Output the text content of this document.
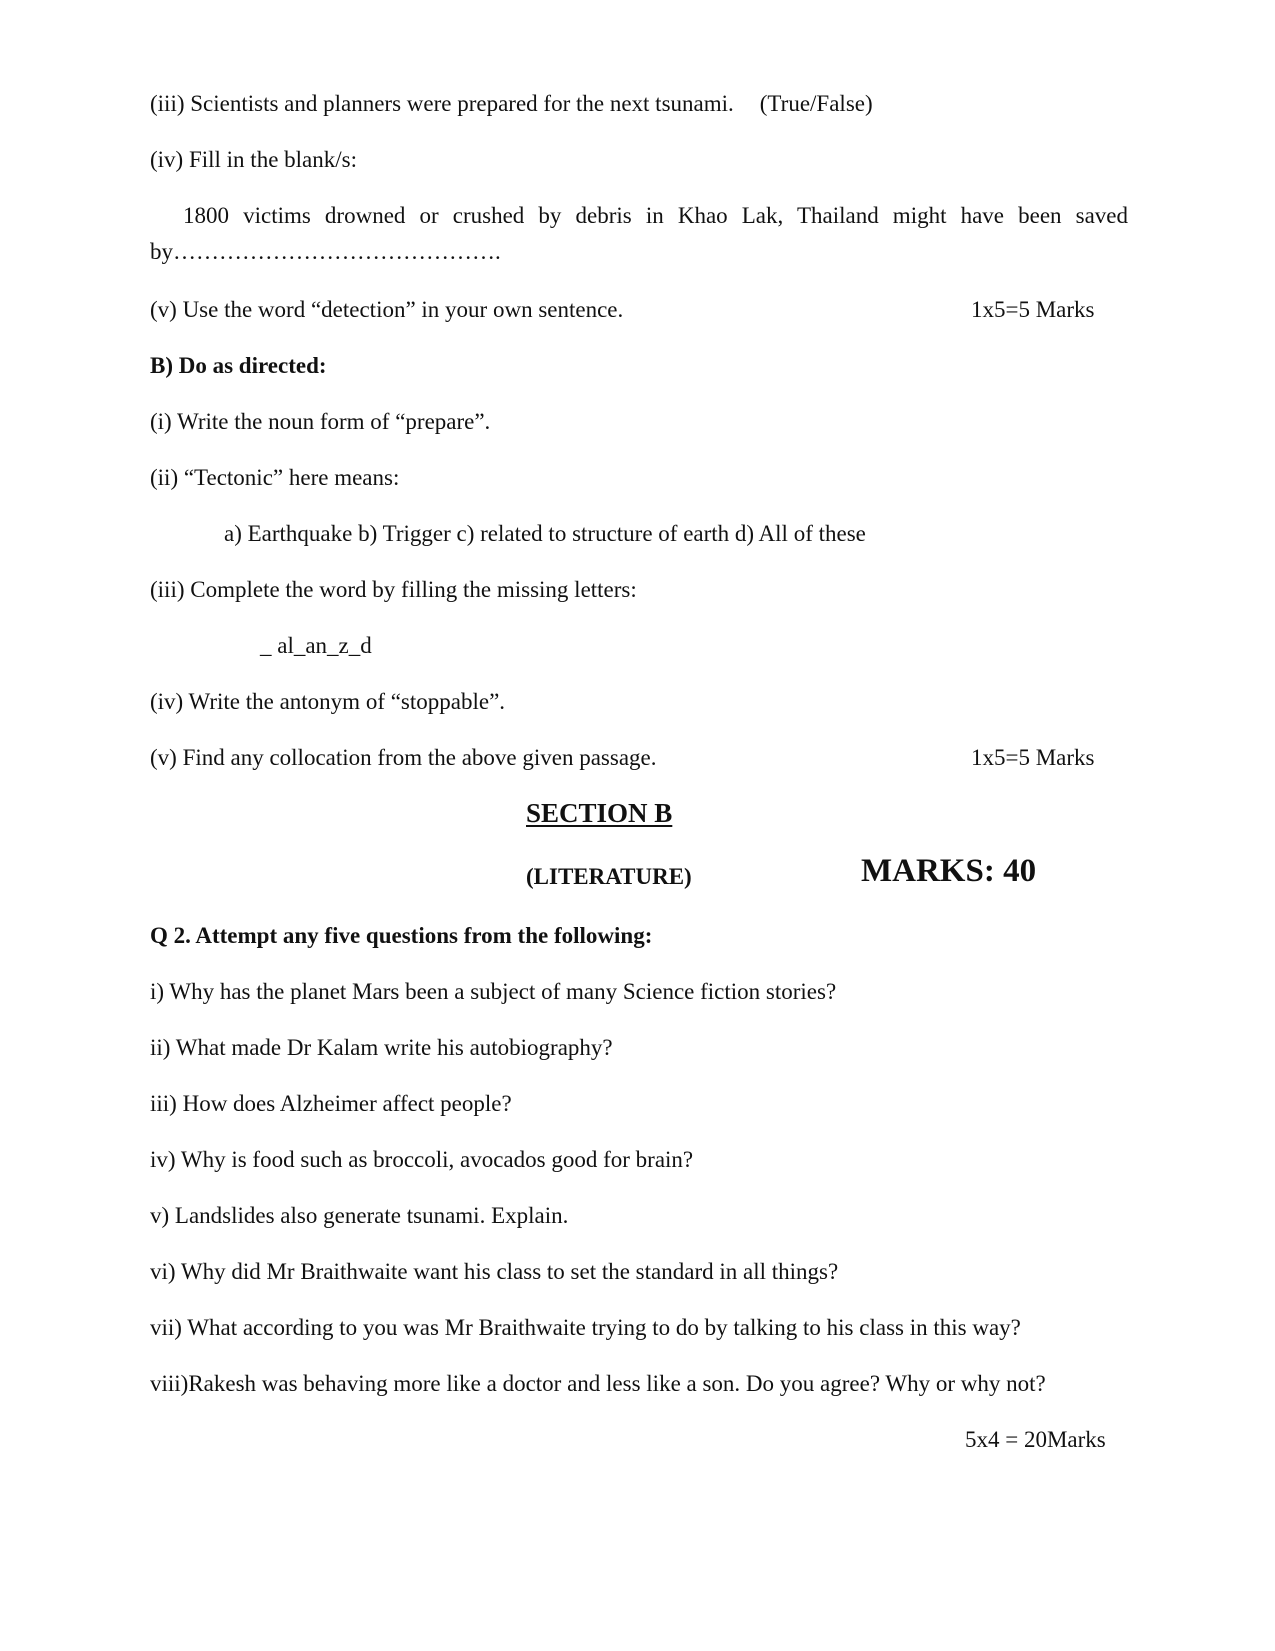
(iii) Scientists and planners were prepared for the next tsunami. (True/False)
(iv) Fill in the blank/s:
1800 victims drowned or crushed by debris in Khao Lak, Thailand might have been saved by…………………………………….
(v) Use the word “detection” in your own sentence.	1x5=5 Marks
B) Do as directed:
(i) Write the noun form of “prepare”.
(ii) “Tectonic” here means:
a) Earthquake b) Trigger c) related to structure of earth d) All of these
(iii) Complete the word by filling the missing letters:
_ al_an_z_d
(iv) Write the antonym of “stoppable”.
(v) Find any collocation from the above given passage.	1x5=5 Marks
SECTION B
(LITERATURE)	MARKS: 40
Q 2. Attempt any five questions from the following:
i) Why has the planet Mars been a subject of many Science fiction stories?
ii) What made Dr Kalam write his autobiography?
iii) How does Alzheimer affect people?
iv) Why is food such as broccoli, avocados good for brain?
v) Landslides also generate tsunami. Explain.
vi) Why did Mr Braithwaite want his class to set the standard in all things?
vii) What according to you was Mr Braithwaite trying to do by talking to his class in this way?
viii)Rakesh was behaving more like a doctor and less like a son. Do you agree? Why or why not?
5x4 = 20Marks
